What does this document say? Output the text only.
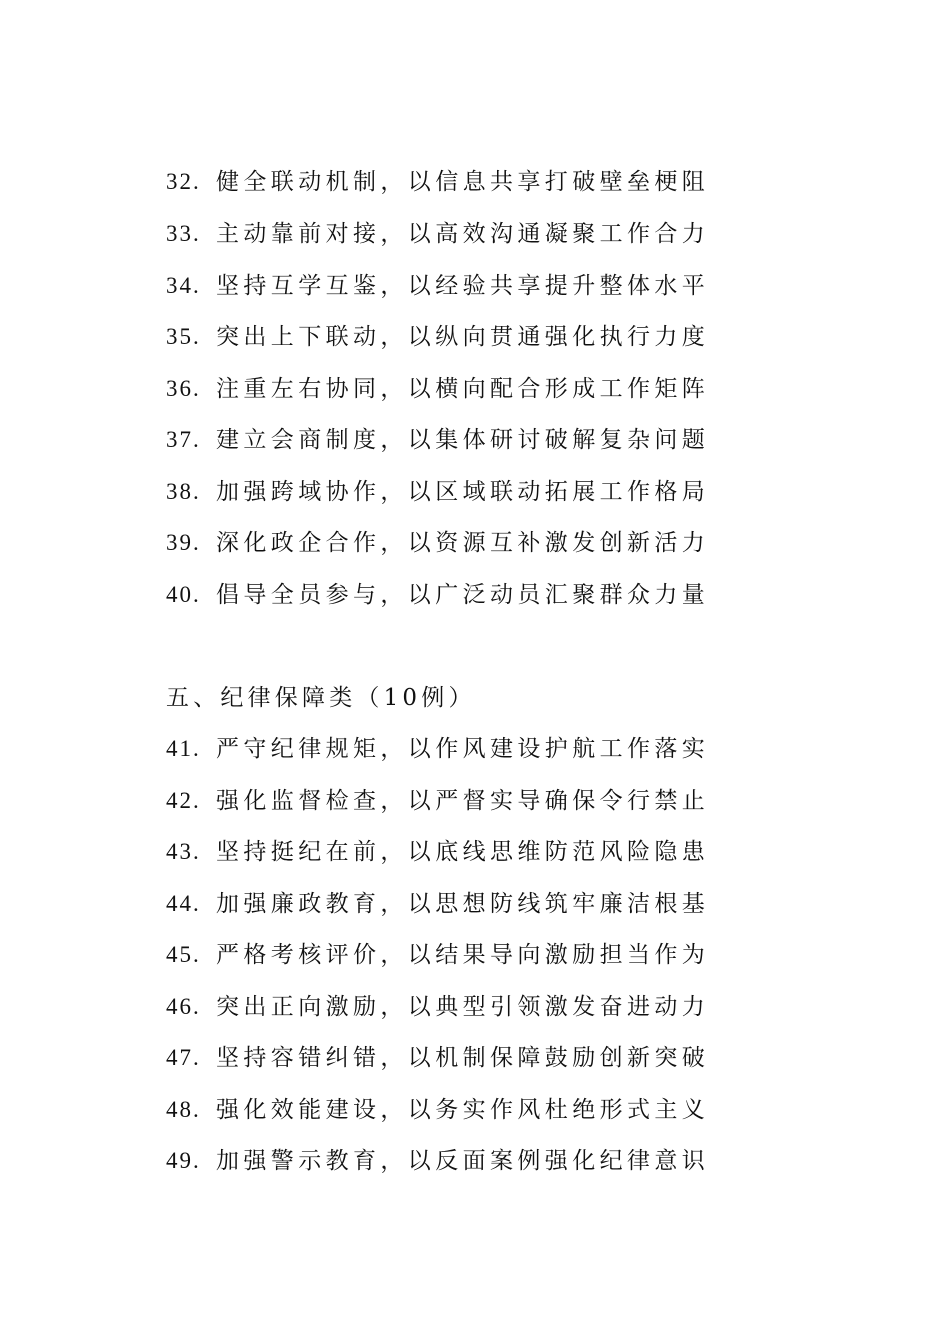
32. 健全联动机制，以信息共享打破壁垒梗阻
33. 主动靠前对接，以高效沟通凝聚工作合力
34. 坚持互学互鉴，以经验共享提升整体水平
35. 突出上下联动，以纵向贯通强化执行力度
36. 注重左右协同，以横向配合形成工作矩阵
37. 建立会商制度，以集体研讨破解复杂问题
38. 加强跨域协作，以区域联动拓展工作格局
39. 深化政企合作，以资源互补激发创新活力
40. 倡导全员参与，以广泛动员汇聚群众力量
五、纪律保障类（10例）
41. 严守纪律规矩，以作风建设护航工作落实
42. 强化监督检查，以严督实导确保令行禁止
43. 坚持挺纪在前，以底线思维防范风险隐患
44. 加强廉政教育，以思想防线筑牢廉洁根基
45. 严格考核评价，以结果导向激励担当作为
46. 突出正向激励，以典型引领激发奋进动力
47. 坚持容错纠错，以机制保障鼓励创新突破
48. 强化效能建设，以务实作风杜绝形式主义
49. 加强警示教育，以反面案例强化纪律意识
